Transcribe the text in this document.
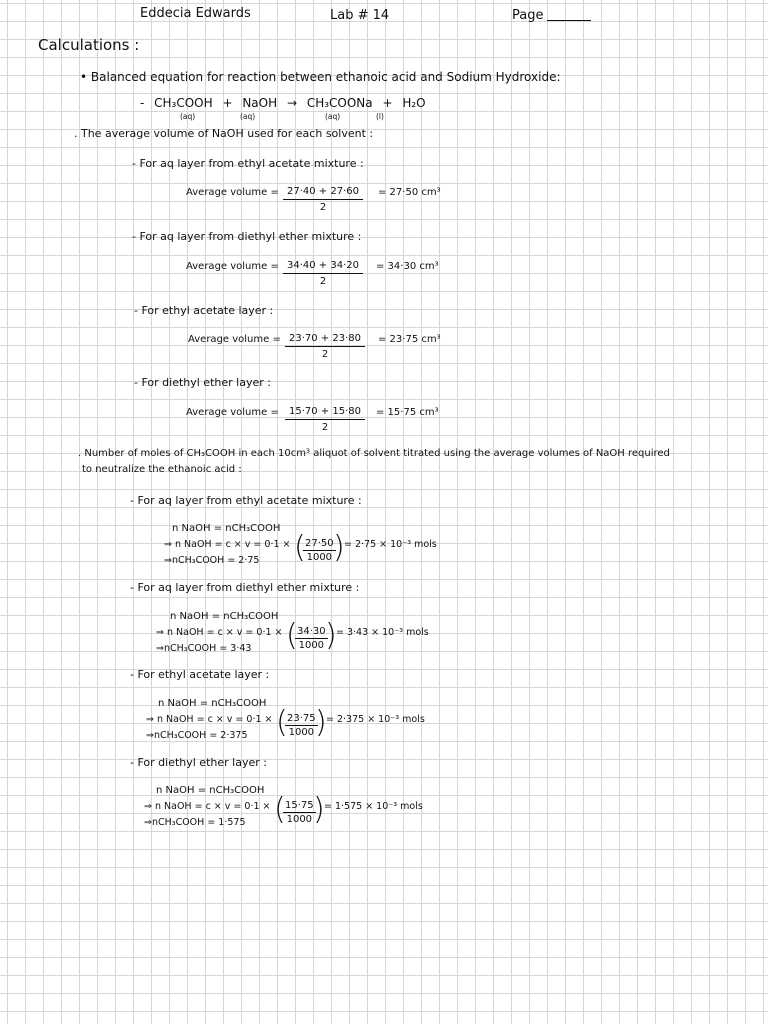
Eddecia Edwards	Lab # 14	Page
Calculations :
• Balanced equation for reaction between ethanoic acid and Sodium Hydroxide:
- CH₃COOH + NaOH → CH₃COONa + H₂O
(aq)	(aq)	(aq)	(l)
. The average volume of NaOH used for each solvent :
- For aq layer from ethyl acetate mixture :
Average volume = $\frac{27\cdot 40 + 27\cdot 60}{2} = 27\cdot 50$ cm³
- For aq layer from diethyl ether mixture :
Average volume = $\frac{34\cdot 40 + 34\cdot 20}{2} = 34\cdot 30$ cm³
- For ethyl acetate layer :
Average volume = $\frac{23\cdot 70 + 23\cdot 80}{2} = 23\cdot 75$ cm³
- For diethyl ether layer :
Average volume = $\frac{15\cdot 70 + 15\cdot 80}{2} = 15\cdot 75$ cm³
. Number of moles of CH₃COOH in each 10cm³ aliquot of solvent titrated using the average volumes of NaOH required
to neutralize the ethanoic acid :
- For aq layer from ethyl acetate mixture :
n NaOH = nCH₃COOH
⇒ n NaOH = c × v = 0·1 × (
$\frac{27\cdot 50}{1000}$
) = 2·75 × 10⁻³ mols
⇒nCH₃COOH = 2·75
- For aq layer from diethyl ether mixture :
n NaOH = nCH₃COOH
⇒ n NaOH = c × v = 0·1 × (
$\frac{34\cdot 30}{1000}$
) = 3·43 × 10⁻³ mols
⇒nCH₃COOH = 3·43
- For ethyl acetate layer :
n NaOH = nCH₃COOH
⇒ n NaOH = c × v = 0·1 × (
$\frac{23\cdot 75}{1000}$
) = 2·375 × 10⁻³ mols
⇒nCH₃COOH = 2·375
- For diethyl ether layer :
n NaOH = nCH₃COOH
⇒ n NaOH = c × v = 0·1 × (
$\frac{15\cdot 75}{1000}$
) = 1·575 × 10⁻³ mols
⇒nCH₃COOH = 1·575
